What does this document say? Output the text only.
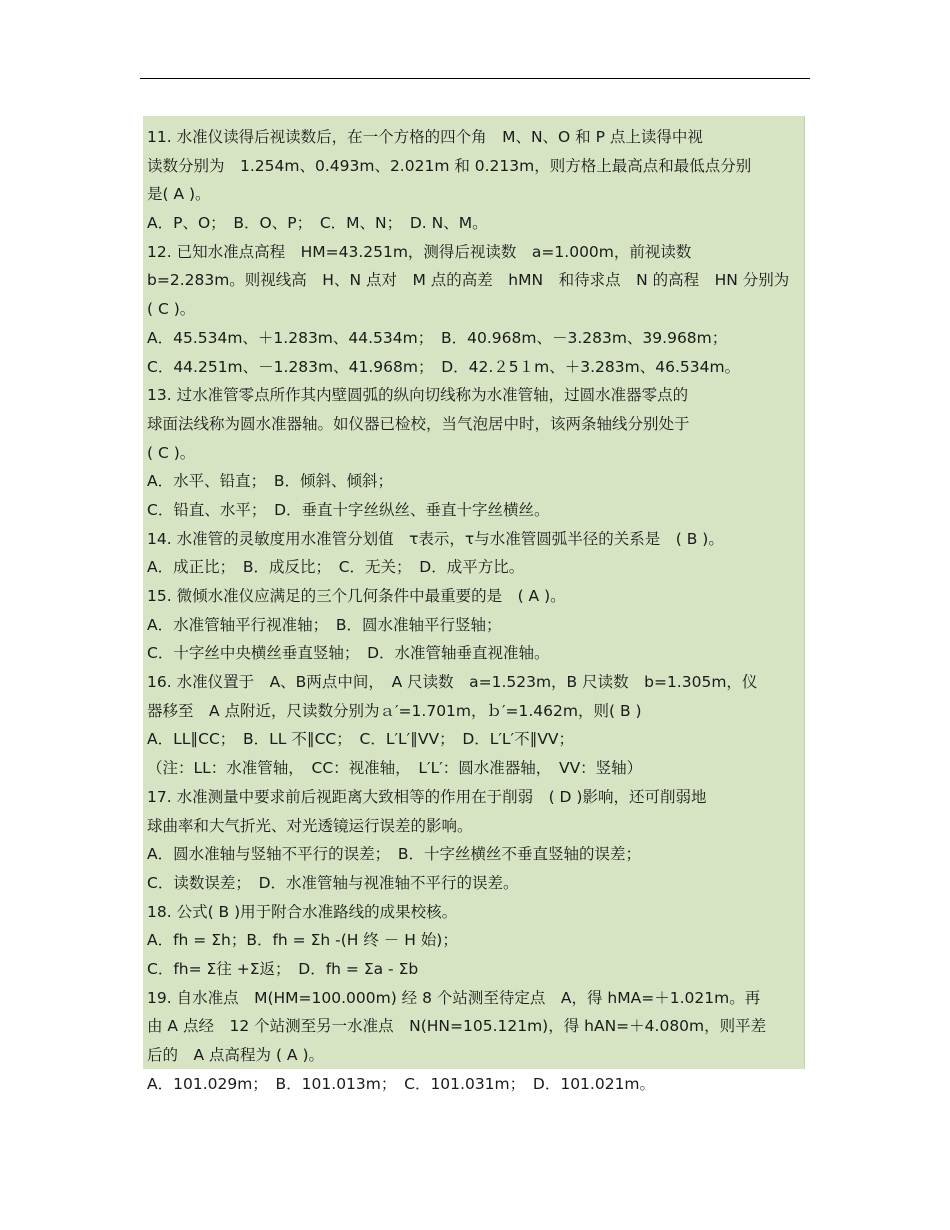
11. 水准仪读得后视读数后，在一个方格的四个角　M、N、O 和 P 点上读得中视
读数分别为　1.254m、0.493m、2.021m 和 0.213m，则方格上最高点和最低点分别
是( A )。
A．P、O；　B．O、P；　C．M、N；　D. N、M。
12. 已知水准点高程　HM=43.251m，测得后视读数　a=1.000m，前视读数
b=2.283m。则视线高　H、N 点对　M 点的高差　hMN　和待求点　N 的高程　HN 分别为
( C )。
A．45.534m、＋1.283m、44.534m；　B．40.968m、－3.283m、39.968m；
C．44.251m、－1.283m、41.968m；　D．42.２5１m、＋3.283m、46.534m。
13. 过水准管零点所作其内壁圆弧的纵向切线称为水准管轴，过圆水准器零点的
球面法线称为圆水准器轴。如仪器已检校，当气泡居中时，该两条轴线分别处于
( C )。
A．水平、铅直；　B．倾斜、倾斜；
C．铅直、水平；　D．垂直十字丝纵丝、垂直十字丝横丝。
14. 水准管的灵敏度用水准管分划值　τ表示，τ与水准管圆弧半径的关系是　( B )。
A．成正比；　B．成反比；　C．无关；　D．成平方比。
15. 微倾水准仪应满足的三个几何条件中最重要的是　( A )。
A．水准管轴平行视准轴；　B．圆水准轴平行竖轴；
C．十字丝中央横丝垂直竖轴；　D．水准管轴垂直视准轴。
16. 水准仪置于　A、B两点中间，　A 尺读数　a=1.523m，B 尺读数　b=1.305m，仪
器移至　A 点附近，尺读数分别为ａ′=1.701m，ｂ′=1.462m，则( B )
A．LL∥CC；　B．LL 不∥CC；　C．L′L′∥VV；　D．L′L′不∥VV；
（注：LL：水准管轴，　CC：视准轴，　L′L′：圆水准器轴，　VV：竖轴）
17. 水准测量中要求前后视距离大致相等的作用在于削弱　( D )影响，还可削弱地
球曲率和大气折光、对光透镜运行误差的影响。
A．圆水准轴与竖轴不平行的误差；　B．十字丝横丝不垂直竖轴的误差；
C．读数误差；　D．水准管轴与视准轴不平行的误差。
18. 公式( B )用于附合水准路线的成果校核。
A．fh = Σh；B．fh = Σh -(H 终 － H 始)；
C．fh= Σ往 +Σ返；　D．fh = Σa - Σb
19. 自水准点　M(HM=100.000m) 经 8 个站测至待定点　A，得 hMA=＋1.021m。再
由 A 点经　12 个站测至另一水准点　N(HN=105.121m)，得 hAN=＋4.080m，则平差
后的　A 点高程为 ( A )。
A．101.029m；　B．101.013m；　C．101.031m；　D．101.021m。
